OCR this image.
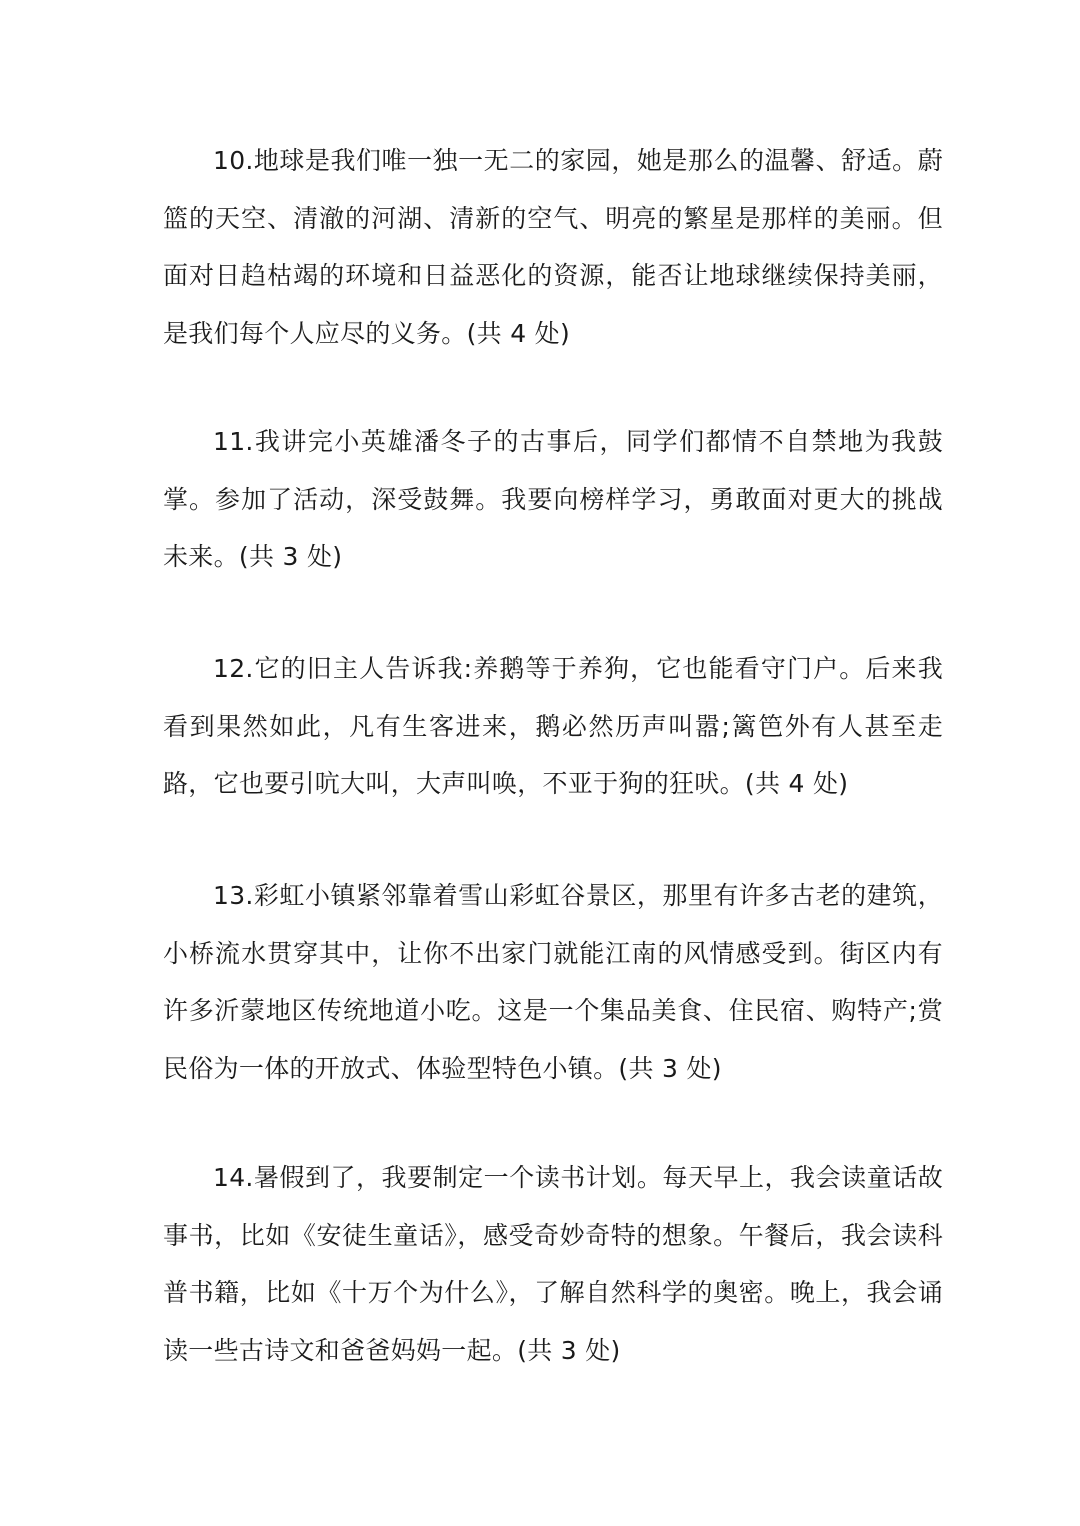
10.地球是我们唯一独一无二的家园，她是那么的温馨、舒适。蔚篮的天空、清澈的河湖、清新的空气、明亮的繁星是那样的美丽。但面对日趋枯竭的环境和日益恶化的资源，能否让地球继续保持美丽，是我们每个人应尽的义务。(共 4 处)

11.我讲完小英雄潘冬子的古事后，同学们都情不自禁地为我鼓掌。参加了活动，深受鼓舞。我要向榜样学习，勇敢面对更大的挑战未来。(共 3 处)

12.它的旧主人告诉我:养鹅等于养狗，它也能看守门户。后来我看到果然如此，凡有生客进来，鹅必然历声叫嚣;篱笆外有人甚至走路，它也要引吭大叫，大声叫唤，不亚于狗的狂吠。(共 4 处)

13.彩虹小镇紧邻靠着雪山彩虹谷景区，那里有许多古老的建筑，小桥流水贯穿其中，让你不出家门就能江南的风情感受到。街区内有许多沂蒙地区传统地道小吃。这是一个集品美食、住民宿、购特产;赏民俗为一体的开放式、体验型特色小镇。(共 3 处)

14.暑假到了，我要制定一个读书计划。每天早上，我会读童话故事书，比如《安徒生童话》，感受奇妙奇特的想象。午餐后，我会读科普书籍，比如《十万个为什么》，了解自然科学的奥密。晚上，我会诵读一些古诗文和爸爸妈妈一起。(共 3 处)
